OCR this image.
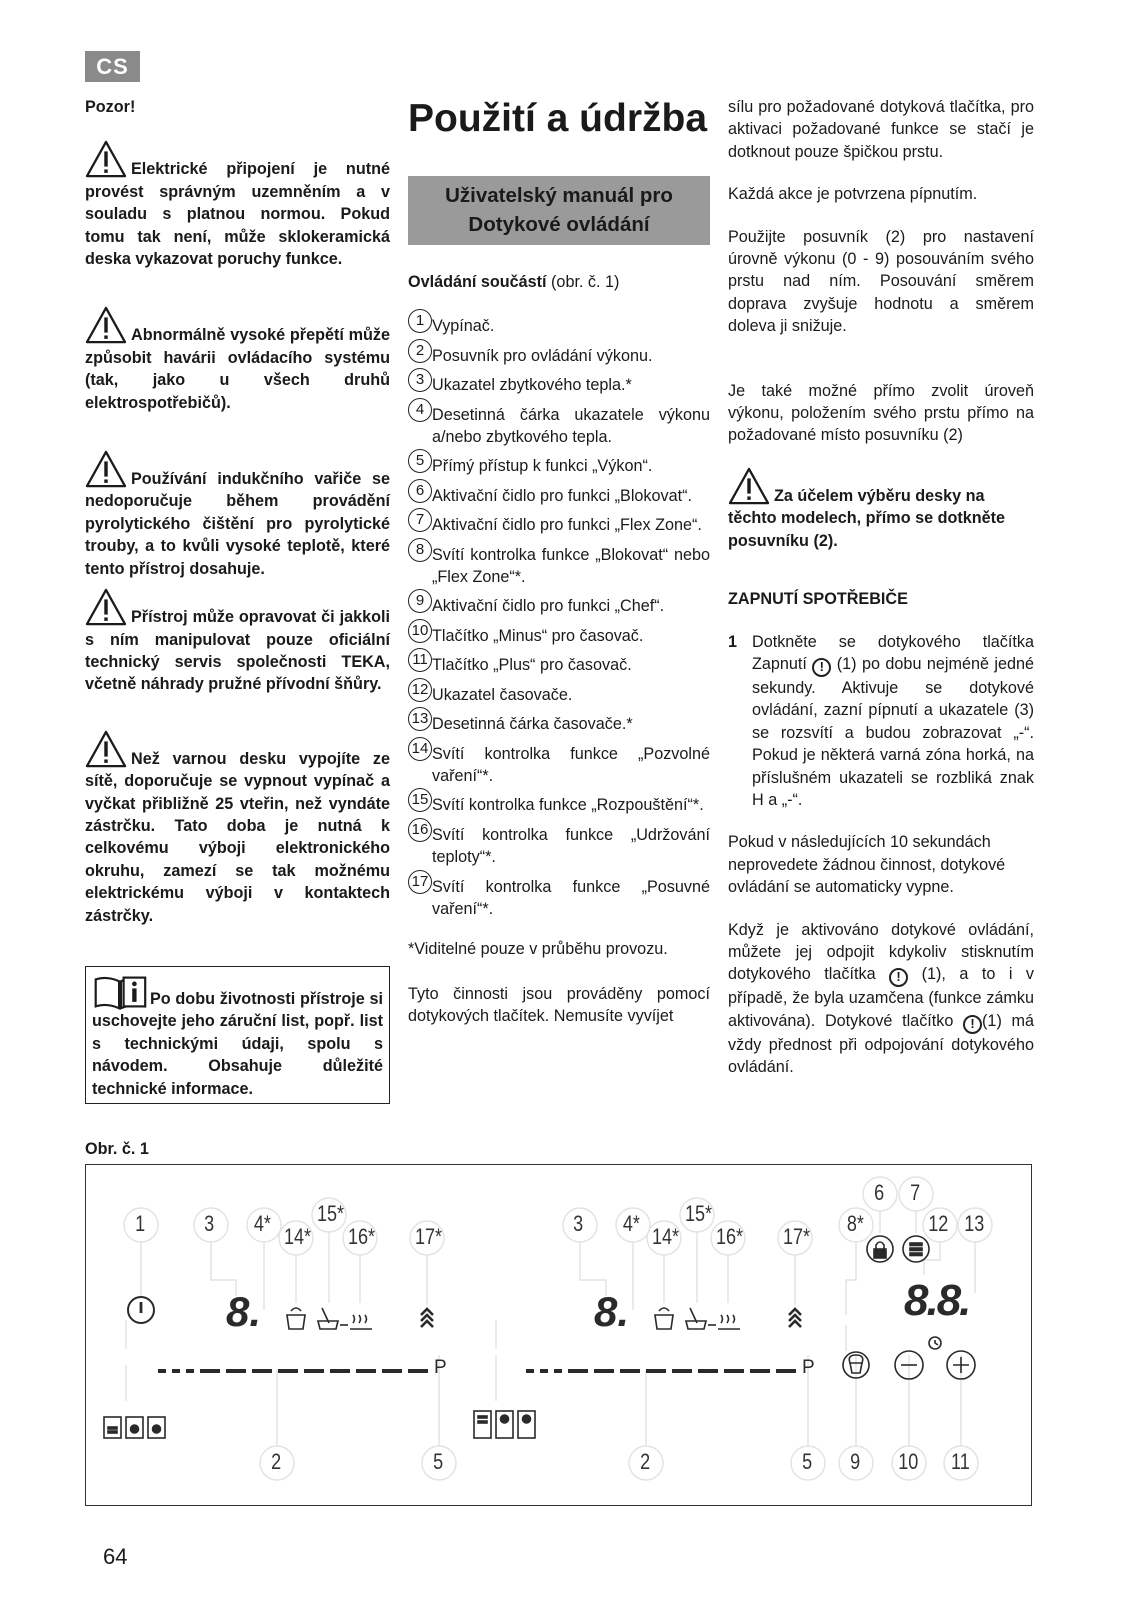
CS
Pozor!
Elektrické připojení je nutné provést správným uzemněním a v souladu s platnou normou. Pokud tomu tak není, může sklokeramická deska vykazovat poruchy funkce.
Abnormálně vysoké přepětí může způsobit havárii ovládacího systému (tak, jako u všech druhů elektrospotřebičů).
Používání indukčního vařiče se nedoporučuje během provádění pyrolytického čištění pro pyrolytické trouby, a to kvůli vysoké teplotě, které tento přístroj dosahuje.
Přístroj může opravovat či jakkoli s ním manipulovat pouze oficiální technický servis společnosti TEKA, včetně náhrady pružné přívodní šňůry.
Než varnou desku vypojíte ze sítě, doporučuje se vypnout vypínač a vyčkat přibližně 25 vteřin, než vyndáte zástrčku. Tato doba je nutná k celkovému výboji elektronického okruhu, zamezí se tak možnému elektrickému výboji v kontaktech zástrčky.
Po dobu životnosti přístroje si uschovejte jeho záruční list, popř. list s technickými údaji, spolu s návodem. Obsahuje důležité technické informace.
Použití a údržba
Uživatelský manuál pro
Dotykové ovládání
Ovládání součástí (obr. č. 1)
1 Vypínač.
2 Posuvník pro ovládání výkonu.
3 Ukazatel zbytkového tepla.*
4 Desetinná čárka ukazatele výkonu a/nebo zbytkového tepla.
5 Přímý přístup k funkci „Výkon“.
6 Aktivační čidlo pro funkci „Blokovat“.
7 Aktivační čidlo pro funkci „Flex Zone“.
8 Svítí kontrolka funkce „Blokovat“ nebo „Flex Zone“*.
9 Aktivační čidlo pro funkci „Chef“.
10 Tlačítko „Minus“ pro časovač.
11 Tlačítko „Plus“ pro časovač.
12 Ukazatel časovače.
13 Desetinná čárka časovače.*
14 Svítí kontrolka funkce „Pozvolné vaření“*.
15 Svítí kontrolka funkce „Rozpouštění“*.
16 Svítí kontrolka funkce „Udržování teploty“*.
17 Svítí kontrolka funkce „Posuvné vaření“*.
*Viditelné pouze v průběhu provozu.
Tyto činnosti jsou prováděny pomocí dotykových tlačítek. Nemusíte vyvíjet
sílu pro požadované dotyková tlačítka, pro aktivaci požadované funkce se stačí je dotknout pouze špičkou prstu.
Každá akce je potvrzena pípnutím.
Použijte posuvník (2) pro nastavení úrovně výkonu (0 - 9) posouváním svého prstu nad ním. Posouvání směrem doprava zvyšuje hodnotu a směrem doleva ji snižuje.
Je také možné přímo zvolit úroveň výkonu, položením svého prstu přímo na požadované místo posuvníku (2)
Za účelem výběru desky na těchto modelech, přímo se dotkněte posuvníku (2).
ZAPNUTÍ SPOTŘEBIČE
1 Dotkněte se dotykového tlačítka Zapnutí ! (1) po dobu nejméně jedné sekundy. Aktivuje se dotykové ovládání, zazní pípnutí a ukazatele (3) se rozsvítí a budou zobrazovat „-“. Pokud je některá varná zóna horká, na příslušném ukazateli se rozbliká znak H a „-“.
Pokud v následujících 10 sekundách neprovedete žádnou činnost, dotykové ovládání se automaticky vypne.
Když je aktivováno dotykové ovládání, můžete jej odpojit kdykoliv stisknutím dotykového tlačítka ! (1), a to i v případě, že byla uzamčena (funkce zámku aktivována). Dotykové tlačítko ! (1) má vždy přednost při odpojování dotykového ovládání.
Obr. č. 1
8.	8.	8.8.
P	P
1	3 4*
14*
15*
16* 17*
3 4*
14*
15*
16* 17*
6 7
8*	12 13
2	5	2	5 9 10 11
64
